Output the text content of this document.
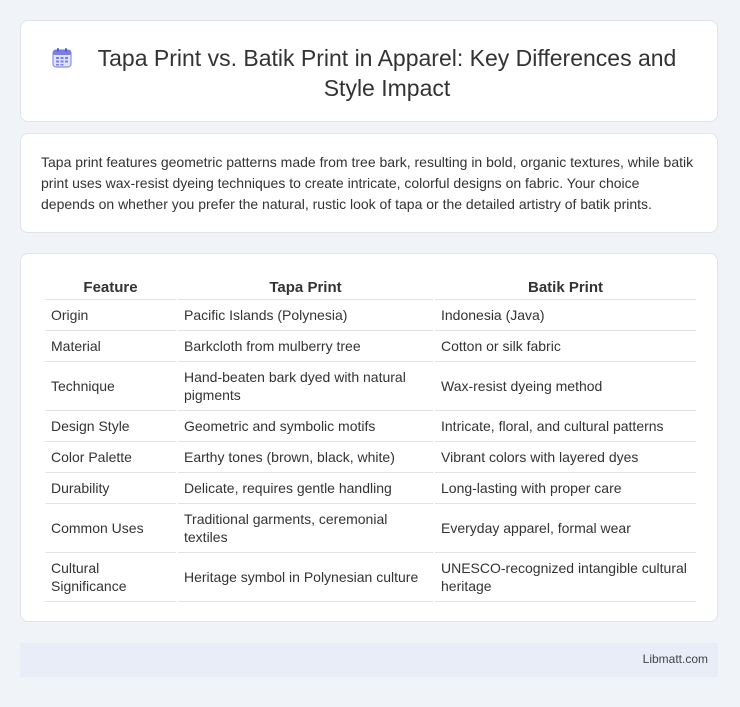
Tapa Print vs. Batik Print in Apparel: Key Differences and Style Impact

Tapa print features geometric patterns made from tree bark, resulting in bold, organic textures, while batik print uses wax-resist dyeing techniques to create intricate, colorful designs on fabric. Your choice depends on whether you prefer the natural, rustic look of tapa or the detailed artistry of batik prints.

Feature	Tapa Print	Batik Print
Origin	Pacific Islands (Polynesia)	Indonesia (Java)
Material	Barkcloth from mulberry tree	Cotton or silk fabric
Technique	Hand-beaten bark dyed with natural pigments	Wax-resist dyeing method
Design Style	Geometric and symbolic motifs	Intricate, floral, and cultural patterns
Color Palette	Earthy tones (brown, black, white)	Vibrant colors with layered dyes
Durability	Delicate, requires gentle handling	Long-lasting with proper care
Common Uses	Traditional garments, ceremonial textiles	Everyday apparel, formal wear
Cultural Significance	Heritage symbol in Polynesian culture	UNESCO-recognized intangible cultural heritage
Libmatt.com
